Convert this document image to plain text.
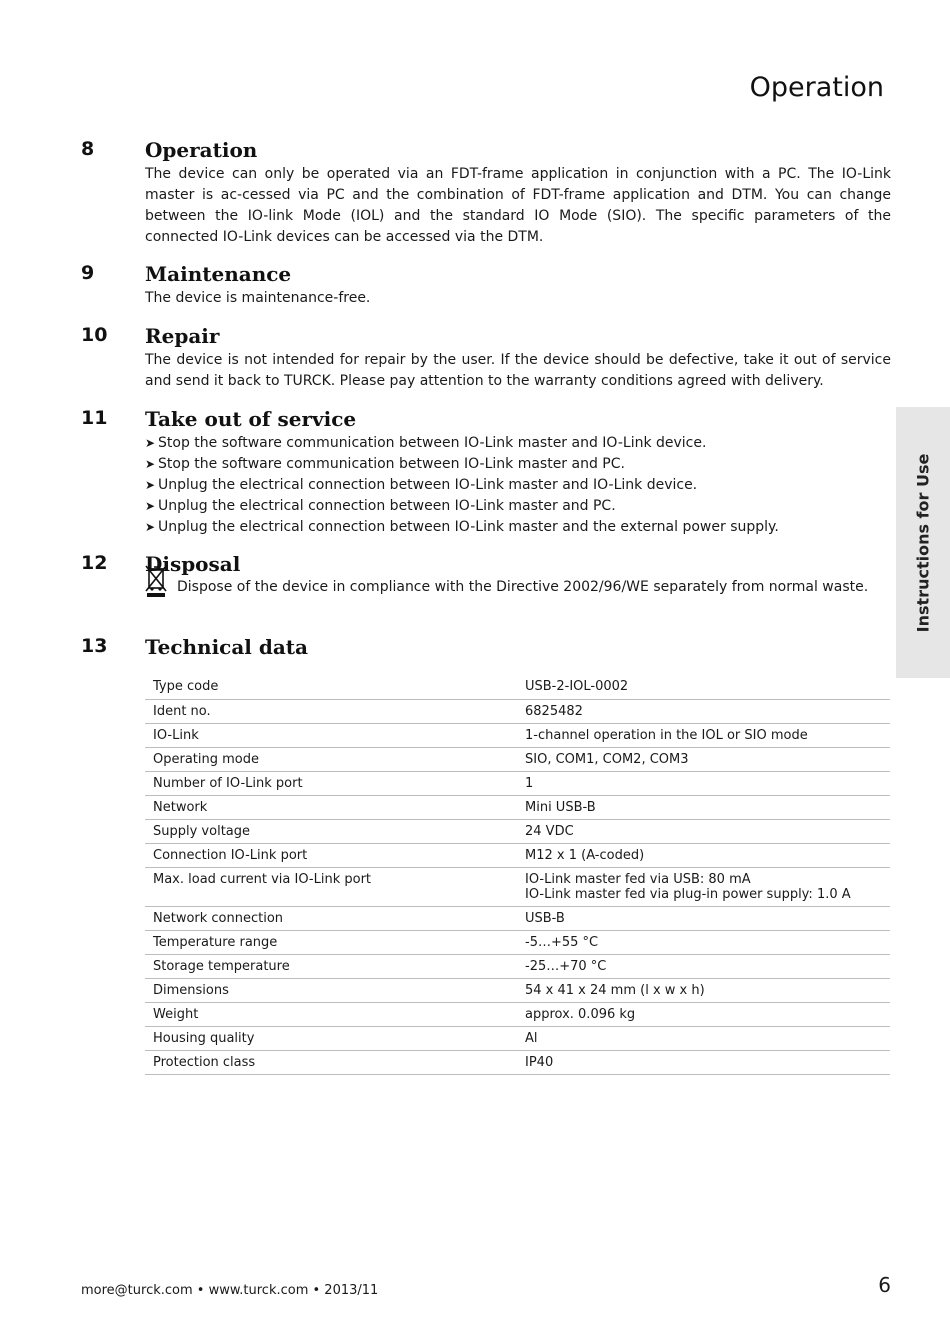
Operation
8	Operation

The device can only be operated via an FDT-frame application in conjunction with a PC. The IO-Link master is ac-cessed via PC and the combination of FDT-frame application and DTM. You can change between the IO-link Mode (IOL) and the standard IO Mode (SIO). The specific parameters of the connected IO-Link devices can be accessed via the DTM.

9	Maintenance

The device is maintenance-free.

10 Repair

The device is not intended for repair by the user. If the device should be defective, take it out of service and send it back to TURCK. Please pay attention to the warranty conditions agreed with delivery.

11 Take out of service
➤ Stop the software communication between IO-Link master and IO-Link device.
➤ Stop the software communication between IO-Link master and PC.
➤ Unplug the electrical connection between IO-Link master and IO-Link device.
➤ Unplug the electrical connection between IO-Link master and PC.
➤ Unplug the electrical connection between IO-Link master and the external power supply.
12 Disposal
Dispose of the device in compliance with the Directive 2002/96/WE separately from normal waste.
13 Technical data
Type code	USB-2-IOL-0002
Ident no.	6825482
IO-Link	1-channel operation in the IOL or SIO mode
Operating mode	SIO, COM1, COM2, COM3
Number of IO-Link port	1
Network	Mini USB-B
Supply voltage	24 VDC
Connection IO-Link port	M12 x 1 (A-coded)
Max. load current via IO-Link port	IO-Link master fed via USB: 80 mA
IO-Link master fed via plug-in power supply: 1.0 A

Network connection	USB-B
Temperature range	-5…+55 °C
Storage temperature	-25…+70 °C
Dimensions	54 x 41 x 24 mm (l x w x h)
Weight	approx. 0.096 kg
Housing quality	Al
Protection class	IP40
Instructions for Use
more@turck.com • www.turck.com • 2013/11	6
